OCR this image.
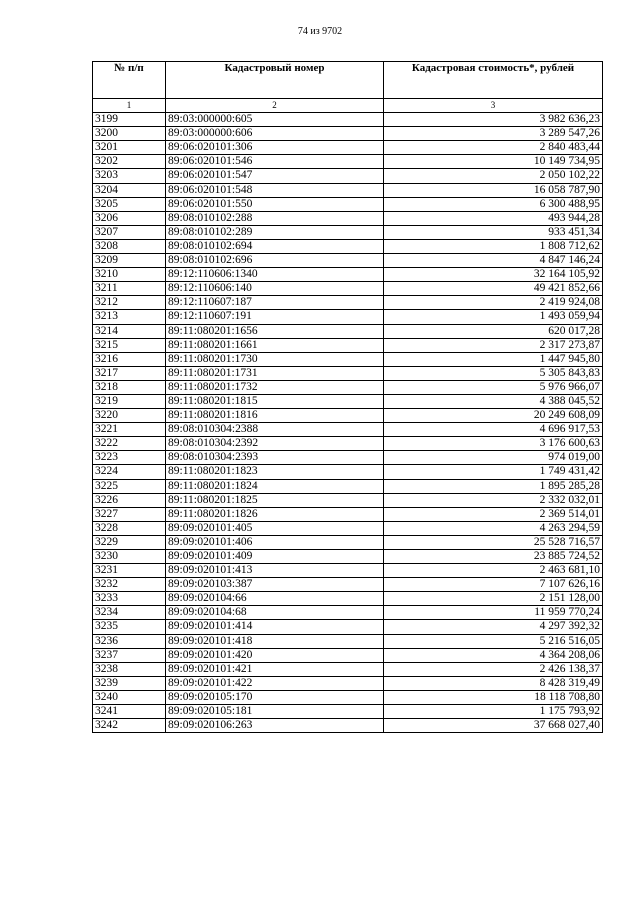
74 из 9702
№ п/п	Кадастровый номер	Кадастровая стоимость*, рублей
1	2	3
3199	89:03:000000:605	3 982 636,23
3200	89:03:000000:606	3 289 547,26
3201	89:06:020101:306	2 840 483,44
3202	89:06:020101:546	10 149 734,95
3203	89:06:020101:547	2 050 102,22
3204	89:06:020101:548	16 058 787,90
3205	89:06:020101:550	6 300 488,95
3206	89:08:010102:288	493 944,28
3207	89:08:010102:289	933 451,34
3208	89:08:010102:694	1 808 712,62
3209	89:08:010102:696	4 847 146,24
3210	89:12:110606:1340	32 164 105,92
3211	89:12:110606:140	49 421 852,66
3212	89:12:110607:187	2 419 924,08
3213	89:12:110607:191	1 493 059,94
3214	89:11:080201:1656	620 017,28
3215	89:11:080201:1661	2 317 273,87
3216	89:11:080201:1730	1 447 945,80
3217	89:11:080201:1731	5 305 843,83
3218	89:11:080201:1732	5 976 966,07
3219	89:11:080201:1815	4 388 045,52
3220	89:11:080201:1816	20 249 608,09
3221	89:08:010304:2388	4 696 917,53
3222	89:08:010304:2392	3 176 600,63
3223	89:08:010304:2393	974 019,00
3224	89:11:080201:1823	1 749 431,42
3225	89:11:080201:1824	1 895 285,28
3226	89:11:080201:1825	2 332 032,01
3227	89:11:080201:1826	2 369 514,01
3228	89:09:020101:405	4 263 294,59
3229	89:09:020101:406	25 528 716,57
3230	89:09:020101:409	23 885 724,52
3231	89:09:020101:413	2 463 681,10
3232	89:09:020103:387	7 107 626,16
3233	89:09:020104:66	2 151 128,00
3234	89:09:020104:68	11 959 770,24
3235	89:09:020101:414	4 297 392,32
3236	89:09:020101:418	5 216 516,05
3237	89:09:020101:420	4 364 208,06
3238	89:09:020101:421	2 426 138,37
3239	89:09:020101:422	8 428 319,49
3240	89:09:020105:170	18 118 708,80
3241	89:09:020105:181	1 175 793,92
3242	89:09:020106:263	37 668 027,40
